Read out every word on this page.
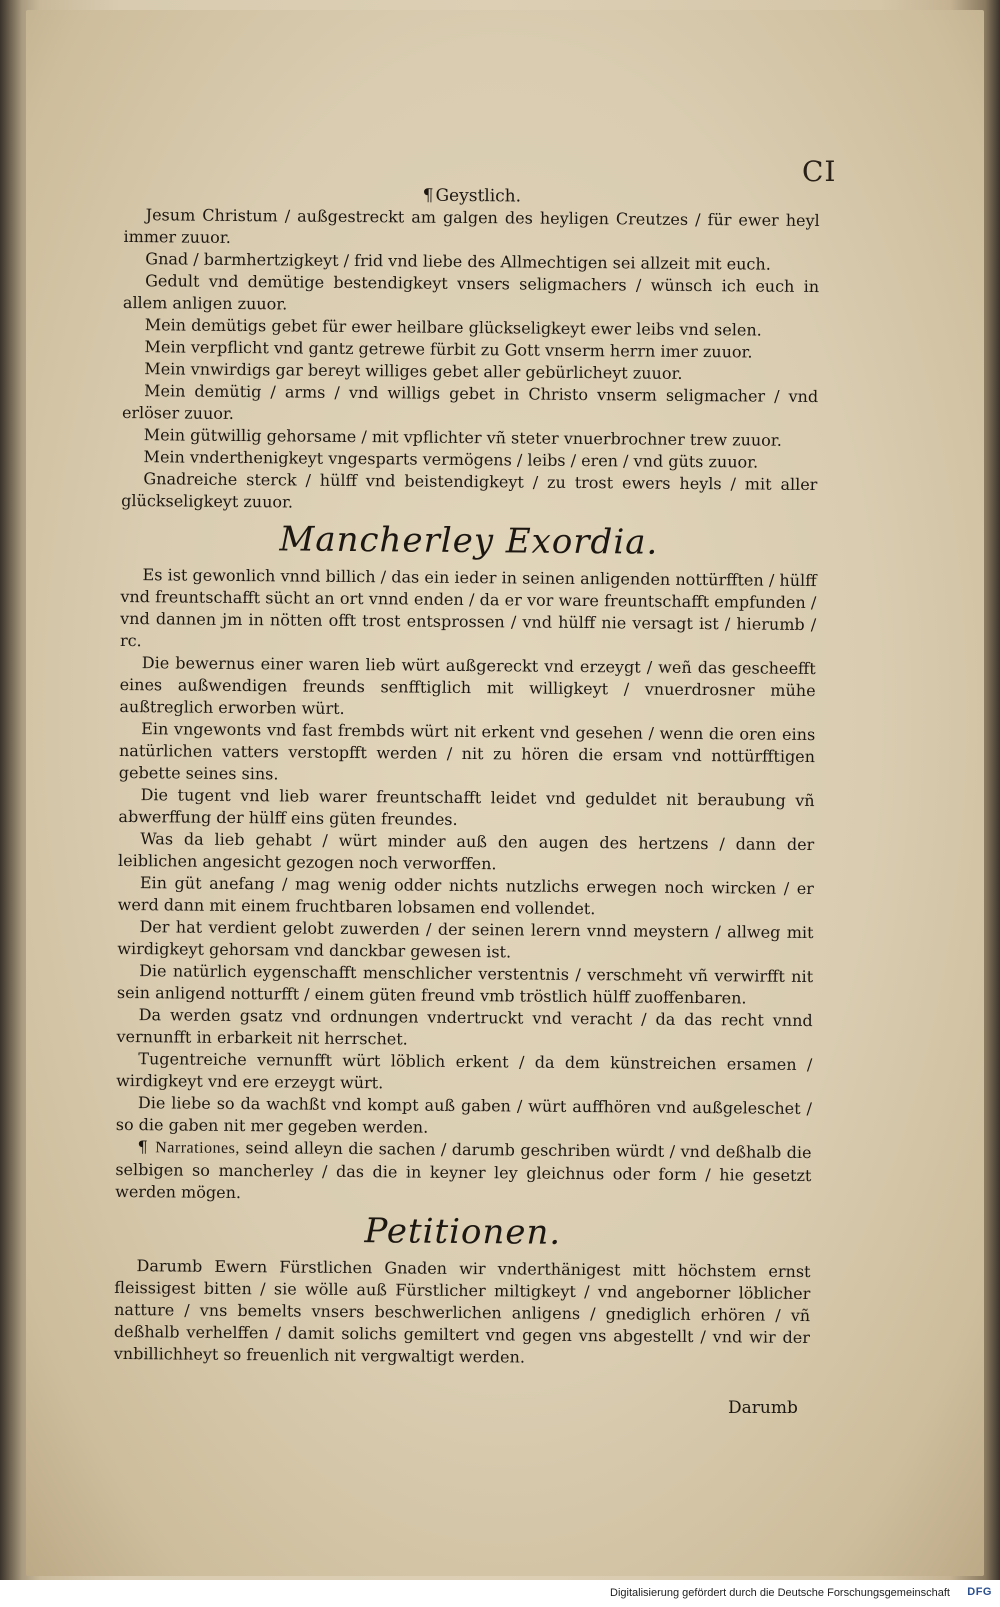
CI

¶ Geystlich.

Jesum Christum / außgestreckt am galgen des heyligen Creutzes / für ewer heyl immer zuuor.

Gnad / barmhertzigkeyt / frid vnd liebe des Allmechtigen sei allzeit mit euch.

Gedult vnd demütige bestendigkeyt vnsers seligmachers / wünsch ich euch in allem anligen zuuor.

Mein demütigs gebet für ewer heilbare glückseligkeyt ewer leibs vnd selen.

Mein verpflicht vnd gantz getrewe fürbit zu Gott vnserm herrn imer zuuor.

Mein vnwirdigs gar bereyt williges gebet aller gebürlicheyt zuuor.

Mein demütig / arms / vnd willigs gebet in Christo vnserm seligmacher / vnd erlöser zuuor.

Mein gütwillig gehorsame / mit vpflichter vñ steter vnuerbrochner trew zuuor.

Mein vnderthenigkeyt vngesparts vermögens / leibs / eren / vnd güts zuuor.

Gnadreiche sterck / hülff vnd beistendigkeyt / zu trost ewers heyls / mit aller glückseligkeyt zuuor.

Mancherley Exordia.

Es ist gewonlich vnnd billich / das ein ieder in seinen anligenden nottürfften / hülff vnd freuntschafft sücht an ort vnnd enden / da er vor ware freuntschafft empfunden / vnd dannen jm in nötten offt trost entsprossen / vnd hülff nie versagt ist / hierumb / rc.

Die bewernus einer waren lieb würt außgereckt vnd erzeygt / weñ das gescheefft eines außwendigen freunds senfftiglich mit willigkeyt / vnuerdrosner mühe außtreglich erworben würt.

Ein vngewonts vnd fast frembds würt nit erkent vnd gesehen / wenn die oren eins natürlichen vatters verstopfft werden / nit zu hören die ersam vnd nottürfftigen gebette seines sins.

Die tugent vnd lieb warer freuntschafft leidet vnd geduldet nit beraubung vñ abwerffung der hülff eins güten freundes.

Was da lieb gehabt / würt minder auß den augen des hertzens / dann der leiblichen angesicht gezogen noch verworffen.

Ein güt anefang / mag wenig odder nichts nutzlichs erwegen noch wircken / er werd dann mit einem fruchtbaren lobsamen end vollendet.

Der hat verdient gelobt zuwerden / der seinen lerern vnnd meystern / allweg mit wirdigkeyt gehorsam vnd danckbar gewesen ist.

Die natürlich eygenschafft menschlicher verstentnis / verschmeht vñ verwirfft nit sein anligend notturfft / einem güten freund vmb tröstlich hülff zuoffenbaren.

Da werden gsatz vnd ordnungen vndertruckt vnd veracht / da das recht vnnd vernunfft in erbarkeit nit herrschet.

Tugentreiche vernunfft würt löblich erkent / da dem künstreichen ersamen / wirdigkeyt vnd ere erzeygt würt.

Die liebe so da wachßt vnd kompt auß gaben / würt auffhören vnd außgeleschet / so die gaben nit mer gegeben werden.

¶ Narrationes, seind alleyn die sachen / darumb geschriben würdt / vnd deßhalb die selbigen so mancherley / das die in keyner ley gleichnus oder form / hie gesetzt werden mögen.

Petitionen.

Darumb Ewern Fürstlichen Gnaden wir vnderthänigest mitt höchstem ernst fleissigest bitten / sie wölle auß Fürstlicher miltigkeyt / vnd angeborner löblicher natture / vns bemelts vnsers beschwerlichen anligens / gnediglich erhören / vñ deßhalb verhelffen / damit solichs gemiltert vnd gegen vns abgestellt / vnd wir der vnbillichheyt so freuenlich nit vergwaltigt werden.

Darumb
Digitalisierung gefördert durch die Deutsche Forschungsgemeinschaft DFG
